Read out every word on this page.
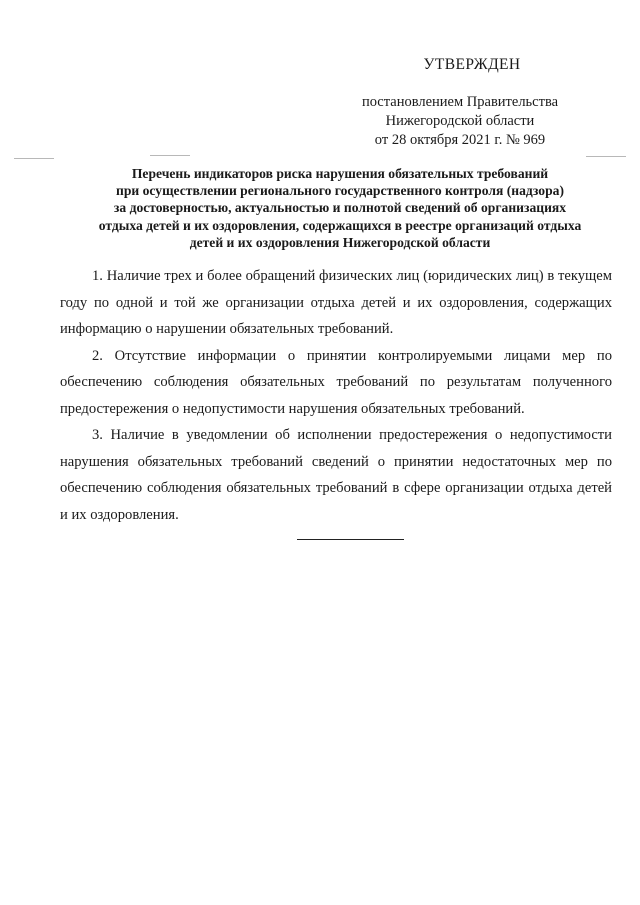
УТВЕРЖДЕН
постановлением Правительства
Нижегородской области
от 28 октября 2021 г. № 969
Перечень индикаторов риска нарушения обязательных требований
при осуществлении регионального государственного контроля (надзора)
за достоверностью, актуальностью и полнотой сведений об организациях
отдыха детей и их оздоровления, содержащихся в реестре организаций отдыха
детей и их оздоровления Нижегородской области

1. Наличие трех и более обращений физических лиц (юридических лиц) в текущем году по одной и той же организации отдыха детей и их оздоровления, содержащих информацию о нарушении обязательных требований.

2. Отсутствие информации о принятии контролируемыми лицами мер по обеспечению соблюдения обязательных требований по результатам полученного предостережения о недопустимости нарушения обязательных требований.

3. Наличие в уведомлении об исполнении предостережения о недопустимости нарушения обязательных требований сведений о принятии недостаточных мер по обеспечению соблюдения обязательных требований в сфере организации отдыха детей и их оздоровления.
